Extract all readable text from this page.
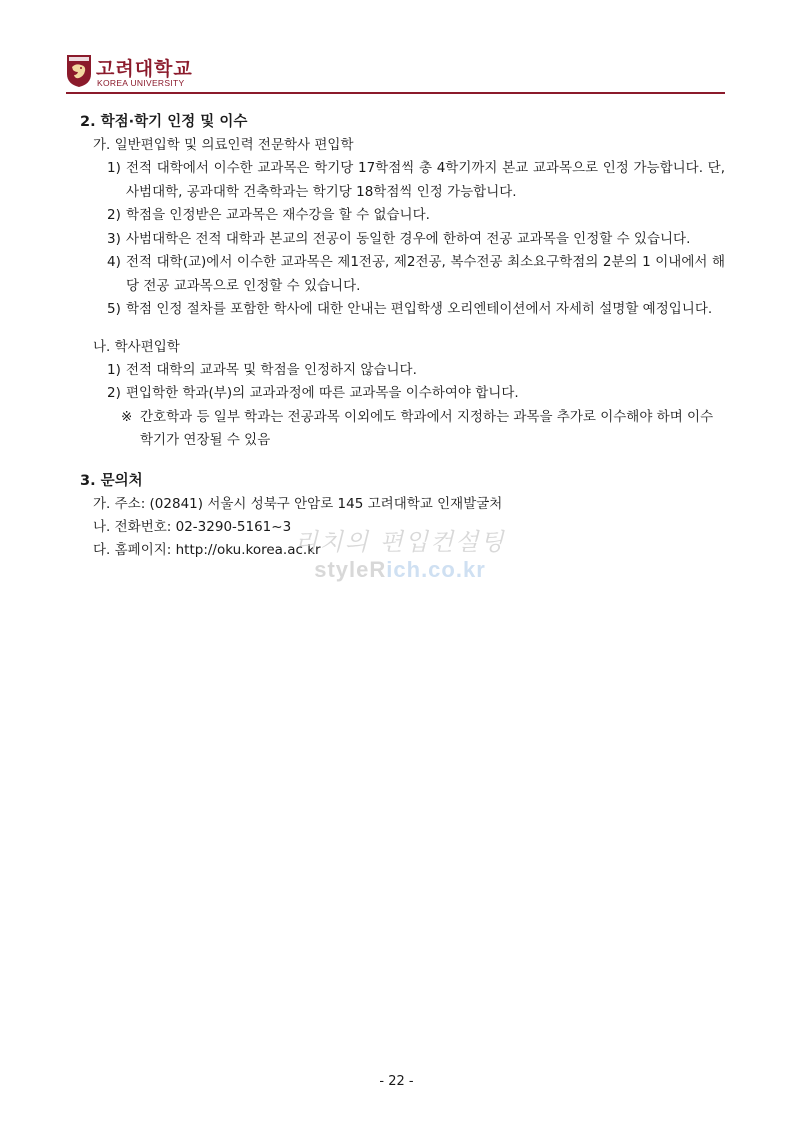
고려대학교
KOREA UNIVERSITY
2. 학점·학기 인정 및 이수
가. 일반편입학 및 의료인력 전문학사 편입학
1) 전적 대학에서 이수한 교과목은 학기당 17학점씩 총 4학기까지 본교 교과목으로 인정 가능합니다. 단, 사범대학, 공과대학 건축학과는 학기당 18학점씩 인정 가능합니다.
2) 학점을 인정받은 교과목은 재수강을 할 수 없습니다.
3) 사범대학은 전적 대학과 본교의 전공이 동일한 경우에 한하여 전공 교과목을 인정할 수 있습니다.
4) 전적 대학(교)에서 이수한 교과목은 제1전공, 제2전공, 복수전공 최소요구학점의 2분의 1 이내에서 해당 전공 교과목으로 인정할 수 있습니다.
5) 학점 인정 절차를 포함한 학사에 대한 안내는 편입학생 오리엔테이션에서 자세히 설명할 예정입니다.
나. 학사편입학
1) 전적 대학의 교과목 및 학점을 인정하지 않습니다.
2) 편입학한 학과(부)의 교과과정에 따른 교과목을 이수하여야 합니다.
※ 간호학과 등 일부 학과는 전공과목 이외에도 학과에서 지정하는 과목을 추가로 이수해야 하며 이수 학기가 연장될 수 있음
3. 문의처
가. 주소: (02841) 서울시 성북구 안암로 145 고려대학교 인재발굴처
나. 전화번호: 02-3290-5161~3
다. 홈페이지: http://oku.korea.ac.kr
리치의 편입컨설팅
styleRich.co.kr
- 22 -
